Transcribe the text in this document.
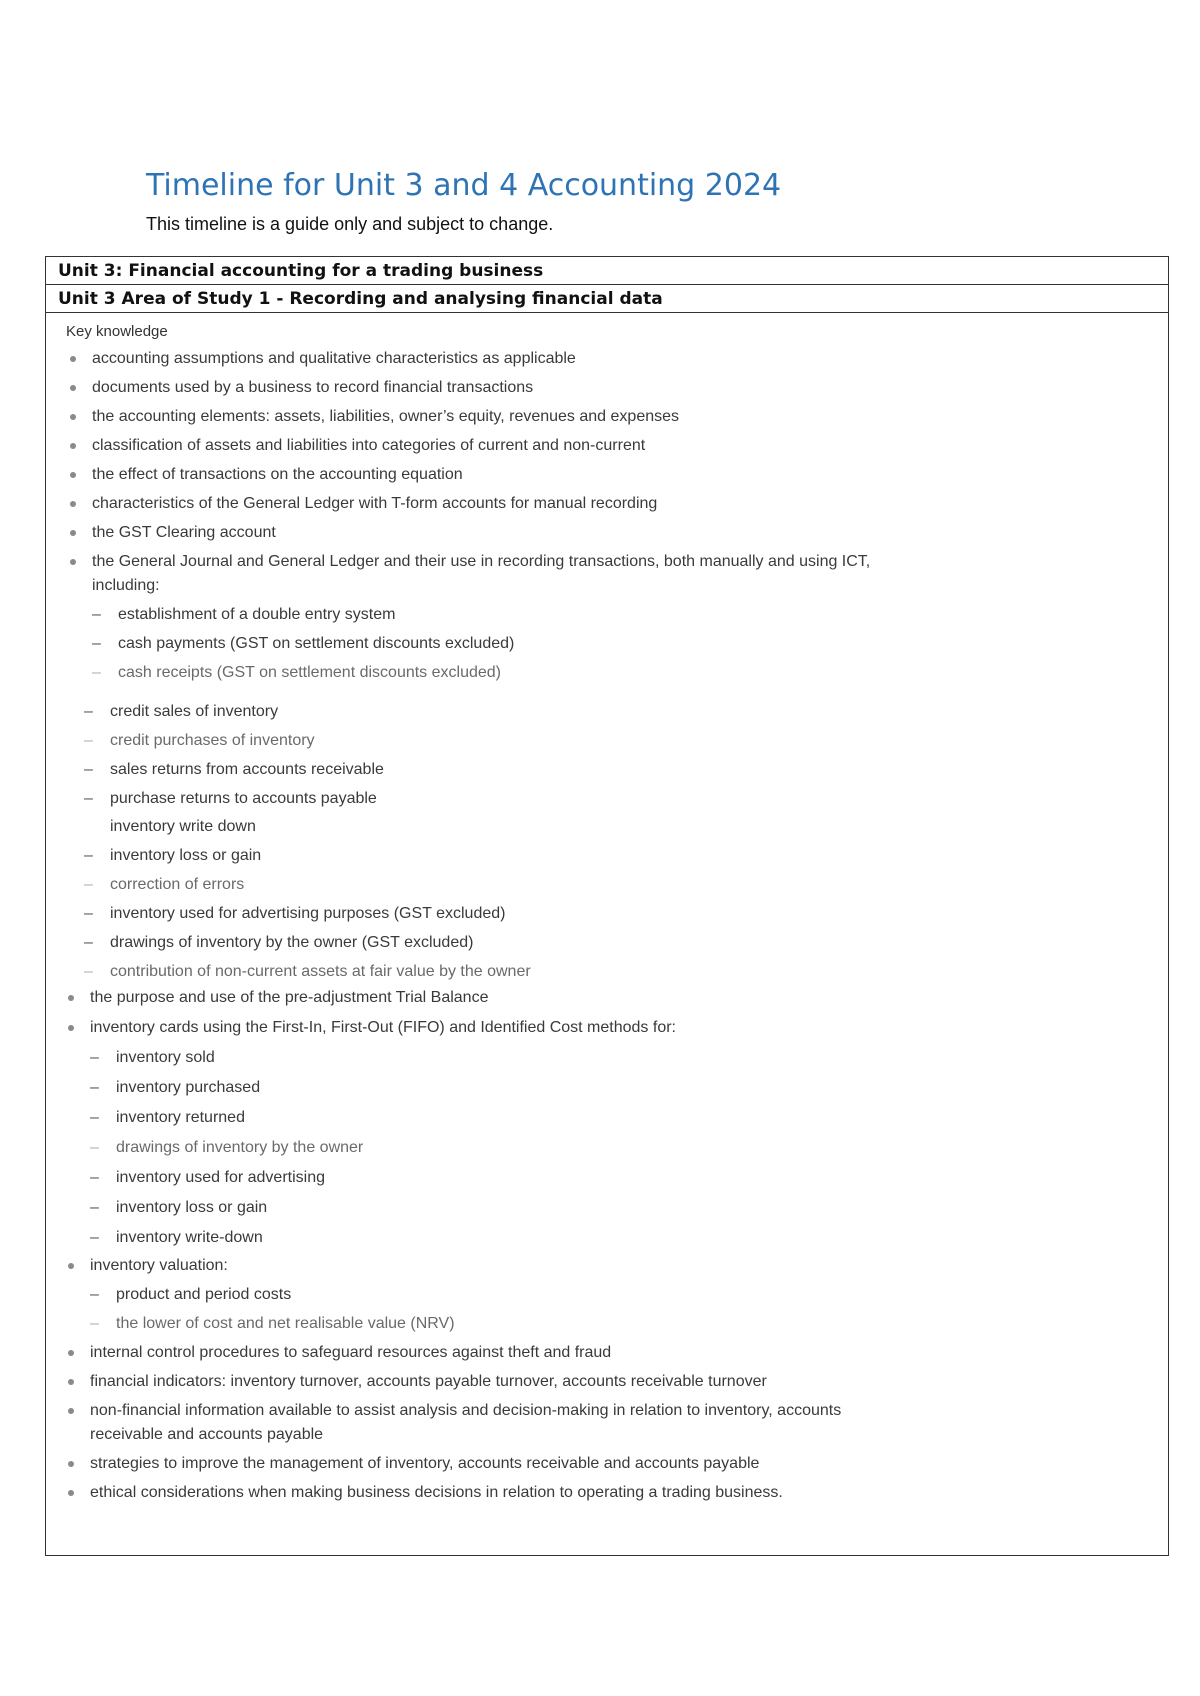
Timeline for Unit 3 and 4 Accounting 2024

This timeline is a guide only and subject to change.

Unit 3: Financial accounting for a trading business
Unit 3 Area of Study 1 - Recording and analysing financial data
Key knowledge
accounting assumptions and qualitative characteristics as applicable
documents used by a business to record financial transactions
the accounting elements: assets, liabilities, owner’s equity, revenues and expenses
classification of assets and liabilities into categories of current and non-current
the effect of transactions on the accounting equation
characteristics of the General Ledger with T-form accounts for manual recording
the GST Clearing account
the General Journal and General Ledger and their use in recording transactions, both manually and using ICT,
including:
–	establishment of a double entry system
–	cash payments (GST on settlement discounts excluded)
–	cash receipts (GST on settlement discounts excluded)
–	credit sales of inventory
–	credit purchases of inventory
–	sales returns from accounts receivable
–	purchase returns to accounts payable
inventory write down
–	inventory loss or gain
–	correction of errors
–	inventory used for advertising purposes (GST excluded)
–	drawings of inventory by the owner (GST excluded)
–	contribution of non-current assets at fair value by the owner
the purpose and use of the pre-adjustment Trial Balance
inventory cards using the First-In, First-Out (FIFO) and Identified Cost methods for:
–	inventory sold
–	inventory purchased
–	inventory returned
–	drawings of inventory by the owner
–	inventory used for advertising
–	inventory loss or gain
–	inventory write-down
inventory valuation:
–	product and period costs
–	the lower of cost and net realisable value (NRV)
internal control procedures to safeguard resources against theft and fraud
financial indicators: inventory turnover, accounts payable turnover, accounts receivable turnover
non-financial information available to assist analysis and decision-making in relation to inventory, accounts
receivable and accounts payable
strategies to improve the management of inventory, accounts receivable and accounts payable
ethical considerations when making business decisions in relation to operating a trading business.
